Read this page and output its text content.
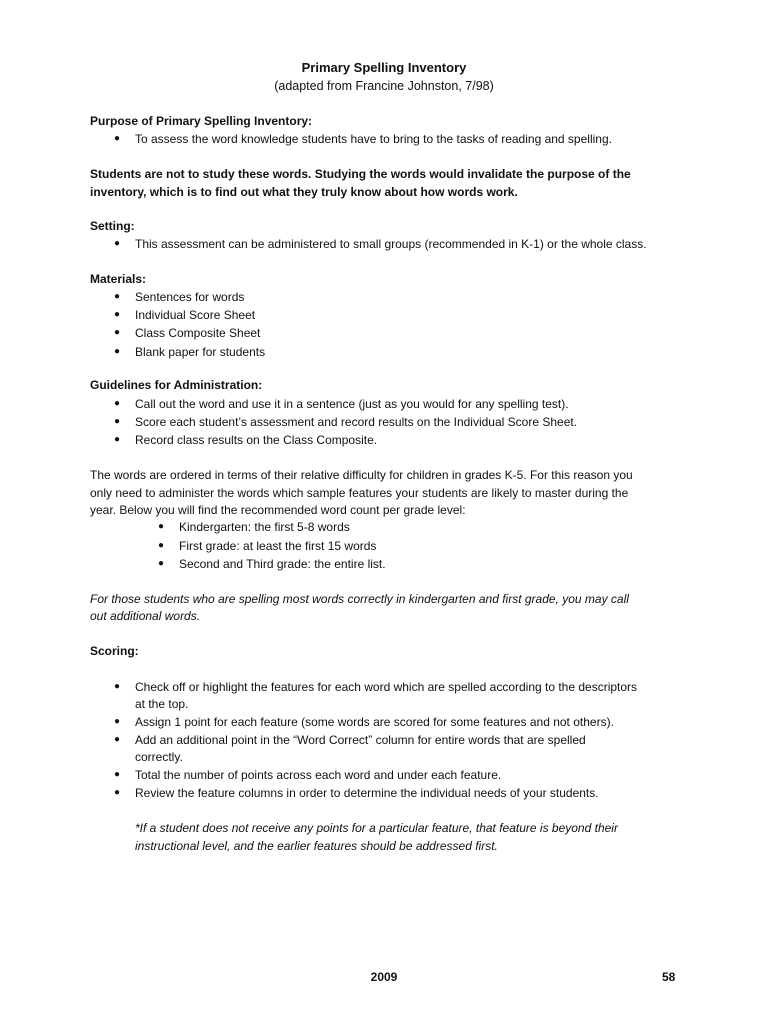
Primary Spelling Inventory
(adapted from Francine Johnston, 7/98)
Purpose of Primary Spelling Inventory:
●	To assess the word knowledge students have to bring to the tasks of reading and spelling.
Students are not to study these words. Studying the words would invalidate the purpose of the
inventory, which is to find out what they truly know about how words work.
Setting:
●	This assessment can be administered to small groups (recommended in K-1) or the whole class.
Materials:
●	Sentences for words
●	Individual Score Sheet
●	Class Composite Sheet
●	Blank paper for students
Guidelines for Administration:
●	Call out the word and use it in a sentence (just as you would for any spelling test).
●	Score each student’s assessment and record results on the Individual Score Sheet.
●	Record class results on the Class Composite.
The words are ordered in terms of their relative difficulty for children in grades K-5. For this reason you
only need to administer the words which sample features your students are likely to master during the
year. Below you will find the recommended word count per grade level:
●	Kindergarten: the first 5-8 words
●	First grade: at least the first 15 words
●	Second and Third grade: the entire list.
For those students who are spelling most words correctly in kindergarten and first grade, you may call
out additional words.
Scoring:
●	Check off or highlight the features for each word which are spelled according to the descriptors
at the top.
●	Assign 1 point for each feature (some words are scored for some features and not others).
●	Add an additional point in the “Word Correct” column for entire words that are spelled
correctly.
●	Total the number of points across each word and under each feature.
●	Review the feature columns in order to determine the individual needs of your students.
*If a student does not receive any points for a particular feature, that feature is beyond their
instructional level, and the earlier features should be addressed first.
2009	58
